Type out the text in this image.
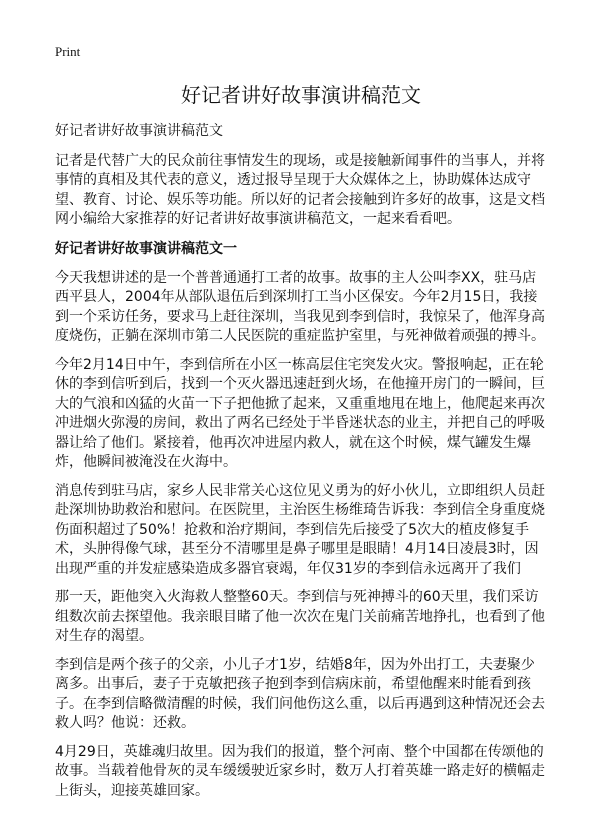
Print
好记者讲好故事演讲稿范文

好记者讲好故事演讲稿范文

记者是代替广大的民众前往事情发生的现场，或是接触新闻事件的当事人，并将事情的真相及其代表的意义，透过报导呈现于大众媒体之上，协助媒体达成守望、教育、讨论、娱乐等功能。所以好的记者会接触到许多好的故事，这是文档网小编给大家推荐的好记者讲好故事演讲稿范文，一起来看看吧。

好记者讲好故事演讲稿范文一

今天我想讲述的是一个普普通通打工者的故事。故事的主人公叫李XX，驻马店西平县人，2004年从部队退伍后到深圳打工当小区保安。今年2月15日，我接到一个采访任务，要求马上赶往深圳，当我见到李到信时，我惊呆了，他浑身高度烧伤，正躺在深圳市第二人民医院的重症监护室里，与死神做着顽强的搏斗。

今年2月14日中午，李到信所在小区一栋高层住宅突发火灾。警报响起，正在轮休的李到信听到后，找到一个灭火器迅速赶到火场，在他撞开房门的一瞬间，巨大的气浪和凶猛的火苗一下子把他掀了起来，又重重地甩在地上，他爬起来再次冲进烟火弥漫的房间，救出了两名已经处于半昏迷状态的业主，并把自己的呼吸器让给了他们。紧接着，他再次冲进屋内救人，就在这个时候，煤气罐发生爆炸，他瞬间被淹没在火海中。

消息传到驻马店，家乡人民非常关心这位见义勇为的好小伙儿，立即组织人员赶赴深圳协助救治和慰问。在医院里，主治医生杨维琦告诉我：李到信全身重度烧伤面积超过了50%！抢救和治疗期间，李到信先后接受了5次大的植皮修复手术，头肿得像气球，甚至分不清哪里是鼻子哪里是眼睛！4月14日凌晨3时，因出现严重的并发症感染造成多器官衰竭，年仅31岁的李到信永远离开了我们

那一天，距他突入火海救人整整60天。李到信与死神搏斗的60天里，我们采访组数次前去探望他。我亲眼目睹了他一次次在鬼门关前痛苦地挣扎，也看到了他对生存的渴望。

李到信是两个孩子的父亲，小儿子才1岁，结婚8年，因为外出打工，夫妻聚少离多。出事后，妻子于克敏把孩子抱到李到信病床前，希望他醒来时能看到孩子。在李到信略微清醒的时候，我们问他伤这么重，以后再遇到这种情况还会去救人吗？他说：还救。

4月29日，英雄魂归故里。因为我们的报道，整个河南、整个中国都在传颂他的故事。当载着他骨灰的灵车缓缓驶近家乡时，数万人打着英雄一路走好的横幅走上街头，迎接英雄回家。
